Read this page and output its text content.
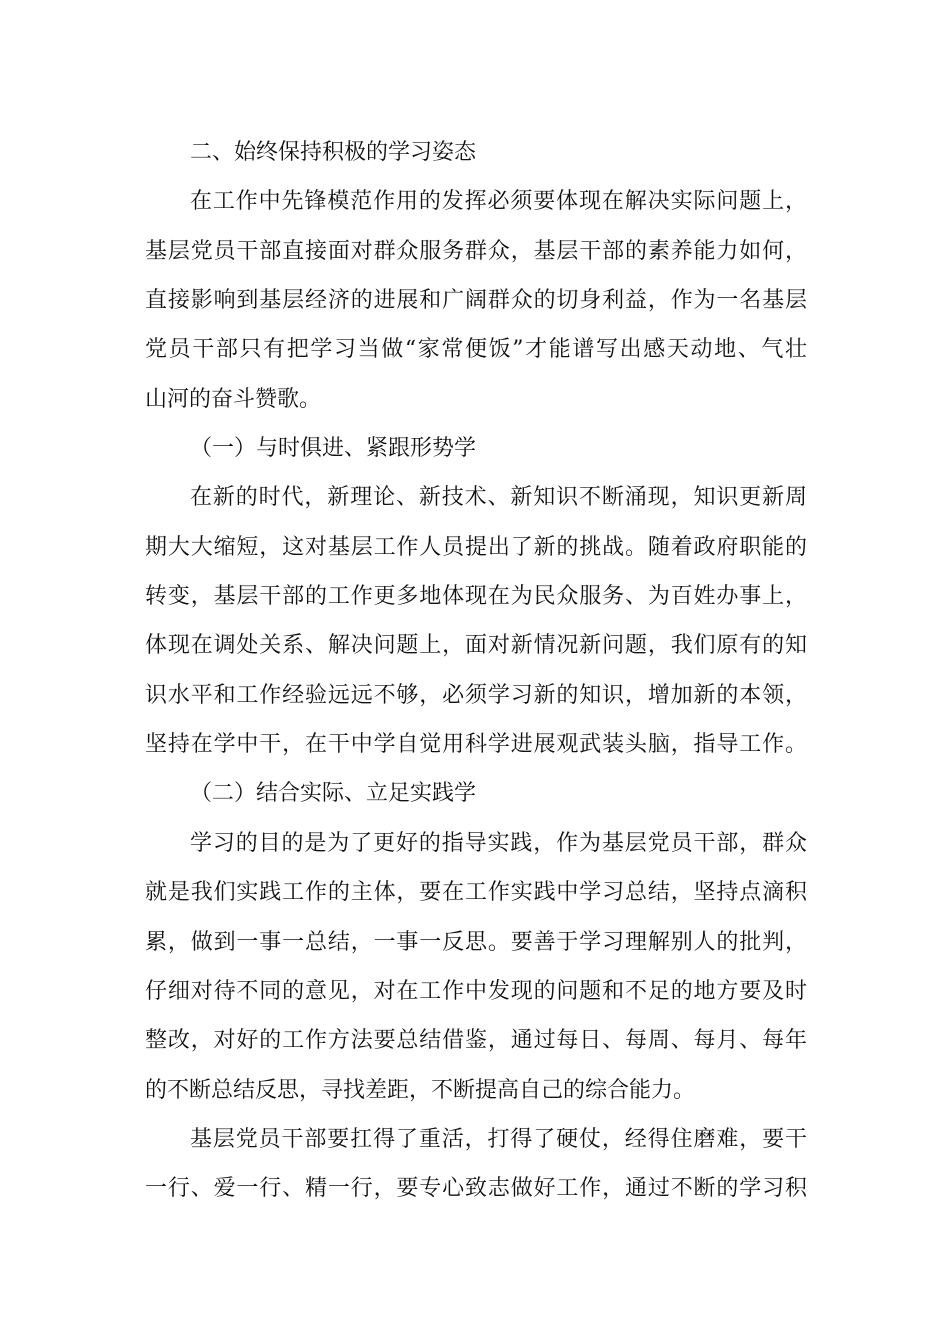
二、始终保持积极的学习姿态
在工作中先锋模范作用的发挥必须要体现在解决实际问题上，
基层党员干部直接面对群众服务群众，基层干部的素养能力如何，
直接影响到基层经济的进展和广阔群众的切身利益，作为一名基层
党员干部只有把学习当做“家常便饭”才能谱写出感天动地、气壮
山河的奋斗赞歌。
（一）与时俱进、紧跟形势学
在新的时代，新理论、新技术、新知识不断涌现，知识更新周
期大大缩短，这对基层工作人员提出了新的挑战。随着政府职能的
转变，基层干部的工作更多地体现在为民众服务、为百姓办事上，
体现在调处关系、解决问题上，面对新情况新问题，我们原有的知
识水平和工作经验远远不够，必须学习新的知识，增加新的本领，
坚持在学中干，在干中学自觉用科学进展观武装头脑，指导工作。
（二）结合实际、立足实践学
学习的目的是为了更好的指导实践，作为基层党员干部，群众
就是我们实践工作的主体，要在工作实践中学习总结，坚持点滴积
累，做到一事一总结，一事一反思。要善于学习理解别人的批判，
仔细对待不同的意见，对在工作中发现的问题和不足的地方要及时
整改，对好的工作方法要总结借鉴，通过每日、每周、每月、每年
的不断总结反思，寻找差距，不断提高自己的综合能力。
基层党员干部要扛得了重活，打得了硬仗，经得住磨难，要干
一行、爱一行、精一行，要专心致志做好工作，通过不断的学习积
